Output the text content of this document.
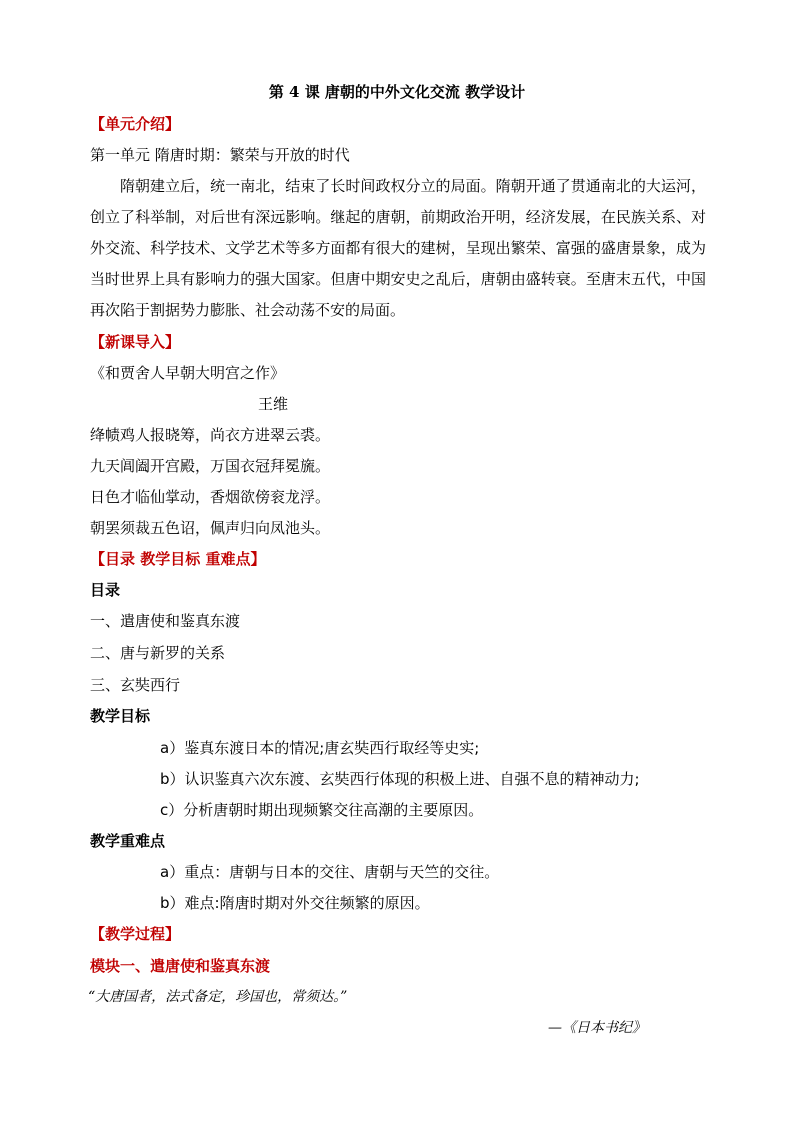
第 4 课 唐朝的中外文化交流 教学设计
【单元介绍】
第一单元 隋唐时期：繁荣与开放的时代
隋朝建立后，统一南北，结束了长时间政权分立的局面。隋朝开通了贯通南北的大运河，创立了科举制，对后世有深远影响。继起的唐朝，前期政治开明，经济发展，在民族关系、对外交流、科学技术、文学艺术等多方面都有很大的建树，呈现出繁荣、富强的盛唐景象，成为当时世界上具有影响力的强大国家。但唐中期安史之乱后，唐朝由盛转衰。至唐末五代，中国再次陷于割据势力膨胀、社会动荡不安的局面。
【新课导入】
《和贾舍人早朝大明宫之作》
王维
绛帻鸡人报晓筹，尚衣方进翠云裘。
九天阊阖开宫殿，万国衣冠拜冕旒。
日色才临仙掌动，香烟欲傍衮龙浮。
朝罢须裁五色诏，佩声归向凤池头。
【目录 教学目标 重难点】
目录
一、遣唐使和鉴真东渡
二、唐与新罗的关系
三、玄奘西行
教学目标
a）鉴真东渡日本的情况;唐玄奘西行取经等史实;
b）认识鉴真六次东渡、玄奘西行体现的积极上进、自强不息的精神动力;
c）分析唐朝时期出现频繁交往高潮的主要原因。
教学重难点
a）重点：唐朝与日本的交往、唐朝与天竺的交往。
b）难点:隋唐时期对外交往频繁的原因。
【教学过程】
模块一、遣唐使和鉴真东渡
“大唐国者，法式备定，珍国也，常须达。”
—《日本书纪》
